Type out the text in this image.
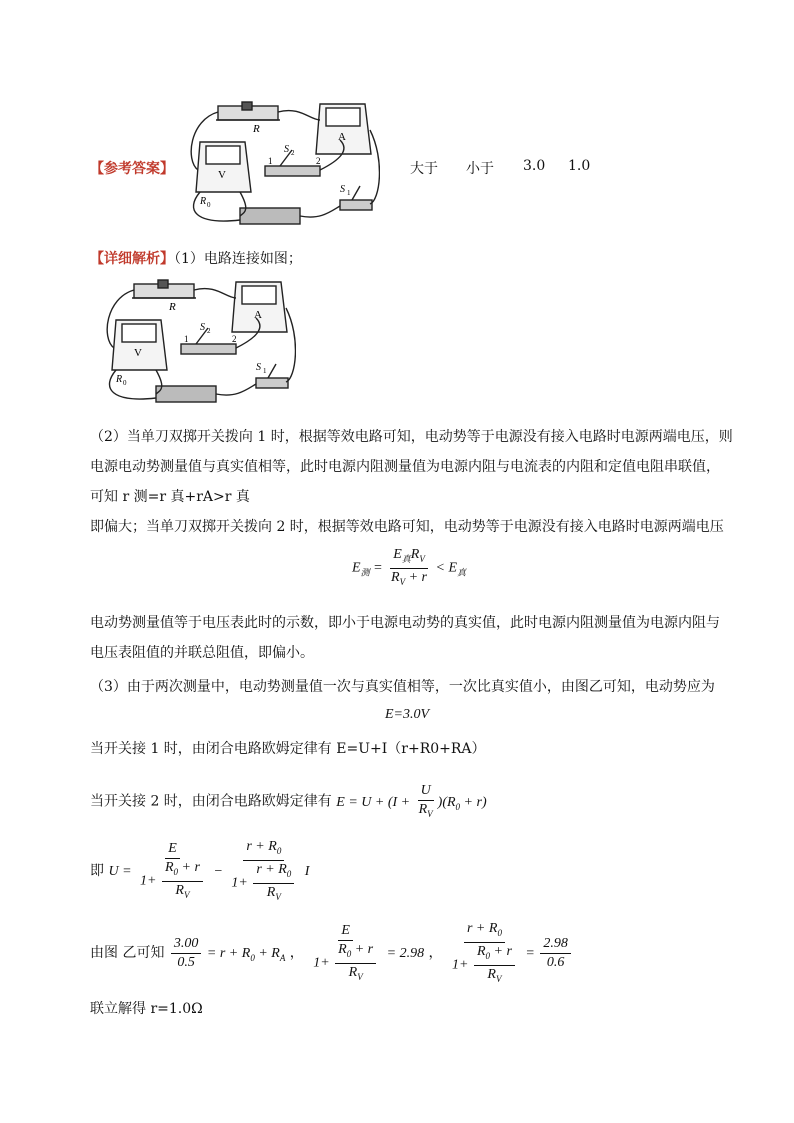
【参考答案】
R
A
V
S 2
S 1
R 0
1	2	大于 小于 3.0 1.0
【详细解析】（1）电路连接如图；
R
A
V
S 2
S 1
R 0
1	2
（2）当单刀双掷开关拨向 1 时，根据等效电路可知，电动势等于电源没有接入电路时电源两端电压，则
电源电动势测量值与真实值相等，此时电源内阻测量值为电源内阻与电流表的内阻和定值电阻串联值，
可知 r 测=r 真+rA>r 真
即偏大；当单刀双掷开关拨向 2 时，根据等效电路可知，电动势等于电源没有接入电路时电源两端电压
$E_测 = \frac{E_真R_V}{R_V + r} < E_真$
电动势测量值等于电压表此时的示数，即小于电源电动势的真实值，此时电源内阻测量值为电源内阻与
电压表阻值的并联总阻值，即偏小。
（3）由于两次测量中，电动势测量值一次与真实值相等，一次比真实值小，由图乙可知，电动势应为
E=3.0V
当开关接 1 时，由闭合电路欧姆定律有 E=U+I（r+R0+RA）
当开关接 2 时，由闭合电路欧姆定律有 $E = U + (I + \frac{U}{R_V} )(R_0 + r)$
即 $U = \frac{E}{1+ \frac{R_0 + r}{R_V}} - \frac{r + R_0}{1+ \frac{r + R_0}{R_V}}$ I
由图 乙可知 $\frac{3.00}{0.5} = r + R_0 + R_A$ ， $\frac{E}{1+ \frac{R_0 + r}{R_V}} = 2.98$ ， $\frac{r + R_0}{1+ \frac{R_0 + r}{R_V}} = \frac{2.98}{0.6}$
联立解得 r=1.0Ω
